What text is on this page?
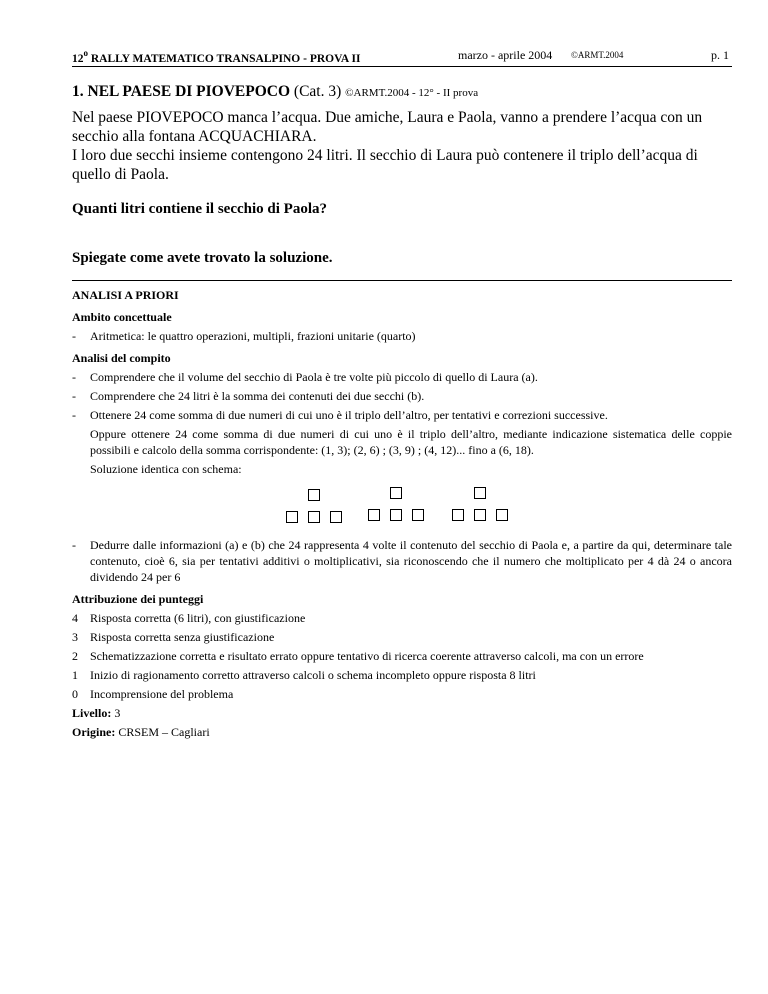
12$^o$ RALLY MATEMATICO TRANSALPINO - PROVA II	marzo - aprile 2004 ©ARMT.2004	p. 1
1. NEL PAESE DI PIOVEPOCO (Cat. 3) ©ARMT.2004 - 12° - II prova

Nel paese PIOVEPOCO manca l’acqua. Due amiche, Laura e Paola, vanno a prendere l’acqua con un secchio alla fontana ACQUACHIARA.

I loro due secchi insieme contengono 24 litri. Il secchio di Laura può contenere il triplo dell’acqua di quello di Paola.

Quanti litri contiene il secchio di Paola?
Spiegate come avete trovato la soluzione.

ANALISI A PRIORI

Ambito concettuale

- Aritmetica: le quattro operazioni, multipli, frazioni unitarie (quarto)

Analisi del compito

- Comprendere che il volume del secchio di Paola è tre volte più piccolo di quello di Laura (a).

- Comprendere che 24 litri è la somma dei contenuti dei due secchi (b).

- Ottenere 24 come somma di due numeri di cui uno è il triplo dell’altro, per tentativi e correzioni successive.

Oppure ottenere 24 come somma di due numeri di cui uno è il triplo dell’altro, mediante indicazione sistematica delle coppie possibili e calcolo della somma corrispondente: (1, 3); (2, 6) ; (3, 9) ; (4, 12)... fino a (6, 18).

Soluzione identica con schema:

- Dedurre dalle informazioni (a) e (b) che 24 rappresenta 4 volte il contenuto del secchio di Paola e, a partire da qui, determinare tale contenuto, cioè 6, sia per tentativi additivi o moltiplicativi, sia riconoscendo che il numero che moltiplicato per 4 dà 24 o ancora dividendo 24 per 6

Attribuzione dei punteggi

4 Risposta corretta (6 litri), con giustificazione

3 Risposta corretta senza giustificazione

2 Schematizzazione corretta e risultato errato oppure tentativo di ricerca coerente attraverso calcoli, ma con un errore

1 Inizio di ragionamento corretto attraverso calcoli o schema incompleto oppure risposta 8 litri

0 Incomprensione del problema

Livello: 3

Origine: CRSEM – Cagliari
